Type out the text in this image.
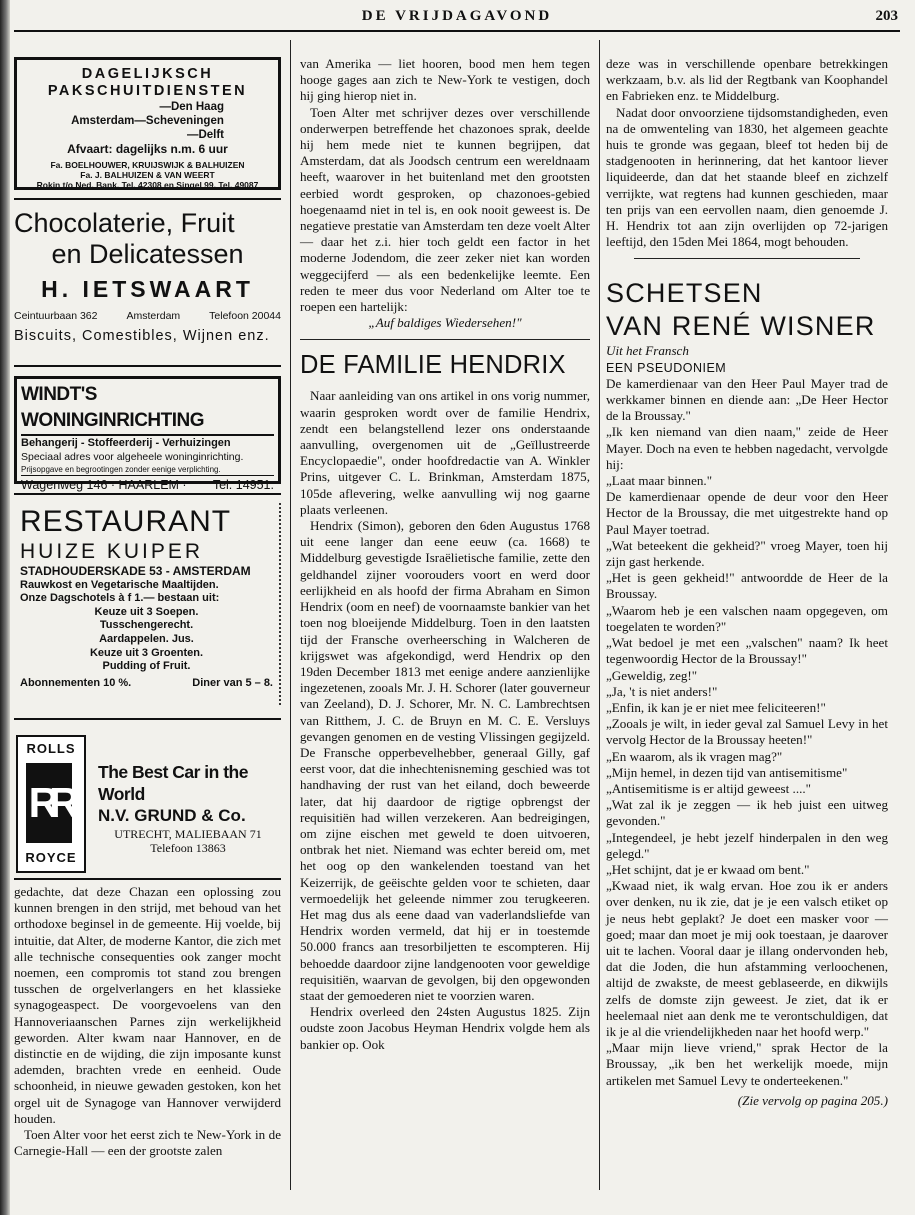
DE VRIJDAGAVOND	203
DAGELIJKSCH
PAKSCHUITDIENSTEN
—Den Haag
Amsterdam—Scheveningen
—Delft
Afvaart: dagelijks n.m. 6 uur
Fa. BOELHOUWER, KRUIJSWIJK & BALHUIZEN
Fa. J. BALHUIZEN & VAN WEERT
Rokin t/o Ned. Bank. Tel. 42308 en Singel 99, Tel. 49087
Chocolaterie, Fruit
en Delicatessen
H. IETSWAART
Ceintuurbaan 362	Amsterdam	Telefoon 20044
Biscuits, Comestibles, Wijnen enz.
WINDT'S WONINGINRICHTING
Behangerij - Stoffeerderij - Verhuizingen
Speciaal adres voor algeheele woninginrichting.
Prijsopgave en begrootingen zonder eenige verplichting.
Wagenweg 146 · HAARLEM · Tel. 14951.
RESTAURANT
HUIZE KUIPER
STADHOUDERSKADE 53 - AMSTERDAM
Rauwkost en Vegetarische Maaltijden.
Onze Dagschotels à f 1.— bestaan uit:
Keuze uit 3 Soepen.
Tusschengerecht.
Aardappelen. Jus.
Keuze uit 3 Groenten.
Pudding of Fruit.
Abonnementen 10 %.	Diner van 5 – 8.
ROLLS
RR
ROYCE
The Best Car in the World
N.V. GRUND & Co.
UTRECHT, MALIEBAAN 71
Telefoon 13863

gedachte, dat deze Chazan een oplossing zou kunnen brengen in den strijd, met behoud van het orthodoxe beginsel in de gemeente. Hij voelde, bij intuitie, dat Alter, de moderne Kantor, die zich met alle technische consequenties ook zanger mocht noemen, een compromis tot stand zou brengen tusschen de orgelverlangers en het klassieke synagogeaspect. De voorgevoelens van den Hannoveriaanschen Parnes zijn werkelijkheid geworden. Alter kwam naar Hannover, en de distinctie en de wijding, die zijn imposante kunst ademden, brachten vrede en eenheid. Oude schoonheid, in nieuwe gewaden gestoken, kon het orgel uit de Synagoge van Hannover verwijderd houden.

Toen Alter voor het eerst zich te New-York in de Carnegie-Hall — een der grootste zalen

van Amerika — liet hooren, bood men hem tegen hooge gages aan zich te New-York te vestigen, doch hij ging hierop niet in.

Toen Alter met schrijver dezes over verschillende onderwerpen betreffende het chazonoes sprak, deelde hij hem mede niet te kunnen begrijpen, dat Amsterdam, dat als Joodsch centrum een wereldnaam heeft, waarover in het buitenland met den grootsten eerbied wordt gesproken, op chazonoes-gebied hoegenaamd niet in tel is, en ook nooit geweest is. De negatieve prestatie van Amsterdam ten deze voelt Alter — daar het z.i. hier toch geldt een factor in het moderne Jodendom, die zeer zeker niet kan worden weggecijferd — als een bedenkelijke leemte. Een reden te meer dus voor Nederland om Alter toe te roepen een hartelijk:

„Auf baldiges Wiedersehen!"

DE FAMILIE HENDRIX

Naar aanleiding van ons artikel in ons vorig nummer, waarin gesproken wordt over de familie Hendrix, zendt een belangstellend lezer ons onderstaande aanvulling, overgenomen uit de „Geïllustreerde Encyclopaedie", onder hoofdredactie van A. Winkler Prins, uitgever C. L. Brinkman, Amsterdam 1875, 105de aflevering, welke aanvulling wij nog gaarne plaats verleenen.

Hendrix (Simon), geboren den 6den Augustus 1768 uit eene langer dan eene eeuw (ca. 1668) te Middelburg gevestigde Israëlietische familie, zette den geldhandel zijner voorouders voort en werd door eerlijkheid en als hoofd der firma Abraham en Simon Hendrix (oom en neef) de voornaamste bankier van het toen nog bloeijende Middelburg. Toen in den laatsten tijd der Fransche overheersching in Walcheren de krijgswet was afgekondigd, werd Hendrix op den 19den December 1813 met eenige andere aanzienlijke ingezetenen, zooals Mr. J. H. Schorer (later gouverneur van Zeeland), D. J. Schorer, Mr. N. C. Lambrechtsen van Ritthem, J. C. de Bruyn en M. C. E. Versluys gevangen genomen en de vesting Vlissingen gegijzeld. De Fransche opperbevelhebber, generaal Gilly, gaf eerst voor, dat die inhechtenisneming geschied was tot handhaving der rust van het eiland, doch beweerde later, dat hij daardoor de rigtige opbrengst der requisitiën had willen verzekeren. Aan bedreigingen, om zijne eischen met geweld te doen uitvoeren, ontbrak het niet. Niemand was echter bereid om, met het oog op den wankelenden toestand van het Keizerrijk, de geëischte gelden voor te schieten, daar vermoedelijk het geleende nimmer zou terugkeeren. Het mag dus als eene daad van vaderlandsliefde van Hendrix worden vermeld, dat hij er in toestemde 50.000 francs aan tresorbiljetten te escompteren. Hij behoedde daardoor zijne landgenooten voor geweldige requisitiën, waarvan de gevolgen, bij den opgewonden staat der gemoederen niet te voorzien waren.

Hendrix overleed den 24sten Augustus 1825. Zijn oudste zoon Jacobus Heyman Hendrix volgde hem als bankier op. Ook

deze was in verschillende openbare betrekkingen werkzaam, b.v. als lid der Regtbank van Koophandel en Fabrieken enz. te Middelburg.

Nadat door onvoorziene tijdsomstandigheden, even na de omwenteling van 1830, het algemeen geachte huis te gronde was gegaan, bleef tot heden bij de stadgenooten in herinnering, dat het kantoor liever liquideerde, dan dat het staande bleef en zichzelf verrijkte, wat regtens had kunnen geschieden, maar ten prijs van een eervollen naam, dien genoemde J. H. Hendrix tot aan zijn overlijden op 72-jarigen leeftijd, den 15den Mei 1864, mogt behouden.

SCHETSEN
VAN RENÉ WISNER
Uit het Fransch
EEN PSEUDONIEM

De kamerdienaar van den Heer Paul Mayer trad de werkkamer binnen en diende aan: „De Heer Hector de la Broussay."

„Ik ken niemand van dien naam," zeide de Heer Mayer. Doch na even te hebben nagedacht, vervolgde hij:

„Laat maar binnen."

De kamerdienaar opende de deur voor den Heer Hector de la Broussay, die met uitgestrekte hand op Paul Mayer toetrad.

„Wat beteekent die gekheid?" vroeg Mayer, toen hij zijn gast herkende.

„Het is geen gekheid!" antwoordde de Heer de la Broussay.

„Waarom heb je een valschen naam opgegeven, om toegelaten te worden?"

„Wat bedoel je met een „valschen" naam? Ik heet tegenwoordig Hector de la Broussay!"

„Geweldig, zeg!"

„Ja, 't is niet anders!"

„Enfin, ik kan je er niet mee feliciteeren!"

„Zooals je wilt, in ieder geval zal Samuel Levy in het vervolg Hector de la Broussay heeten!"

„En waarom, als ik vragen mag?"

„Mijn hemel, in dezen tijd van antisemitisme"

„Antisemitisme is er altijd geweest ...."

„Wat zal ik je zeggen — ik heb juist een uitweg gevonden."

„Integendeel, je hebt jezelf hinderpalen in den weg gelegd."

„Het schijnt, dat je er kwaad om bent."

„Kwaad niet, ik walg ervan. Hoe zou ik er anders over denken, nu ik zie, dat je je een valsch etiket op je neus hebt geplakt? Je doet een masker voor — goed; maar dan moet je mij ook toestaan, je daarover uit te lachen. Vooral daar je illang ondervonden heb, dat die Joden, die hun afstamming verloochenen, altijd de zwakste, de meest geblaseerde, en dikwijls zelfs de domste zijn geweest. Je ziet, dat ik er heelemaal niet aan denk me te verontschuldigen, dat ik je al die vriendelijkheden naar het hoofd werp."

„Maar mijn lieve vriend," sprak Hector de la Broussay, „ik ben het werkelijk moede, mijn artikelen met Samuel Levy te onderteekenen."

(Zie vervolg op pagina 205.)
